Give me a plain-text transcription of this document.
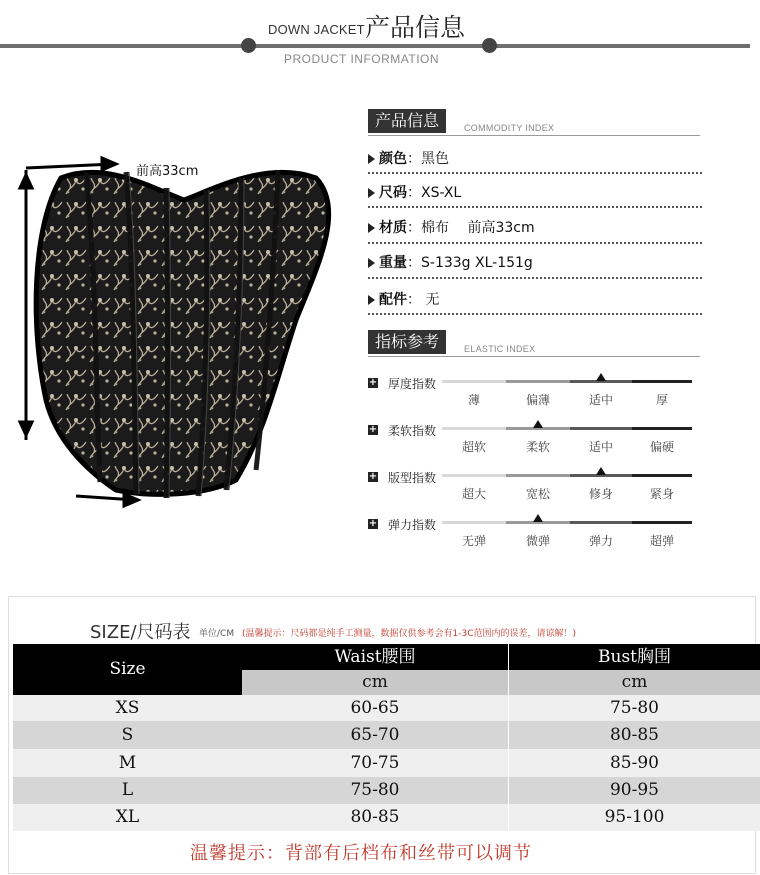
DOWN JACKET 产品信息
PRODUCT INFORMATION
前高33cm
产品信息	COMMODITY INDEX
颜色：黑色
尺码：XS-XL
材质：棉布 前高33cm
重量：S-133g XL-151g
配件： 无
指标参考	ELASTIC INDEX
+ 厚度指数
薄	偏薄	适中	厚
+ 柔软指数
超软	柔软	适中	偏硬
+ 版型指数
超大	宽松	修身	紧身
+ 弹力指数
无弹	微弹	弹力	超弹
SIZE/尺码表 单位/CM (温馨提示：尺码都是纯手工测量，数据仅供参考会有1-3C范围内的误差，请谅解！)
Size
Waist腰围	Bust胸围
cm	cm
XS	60-65	75-80
S	65-70	80-85
M	70-75	85-90
L	75-80	90-95
XL	80-85	95-100
温馨提示：背部有后档布和丝带可以调节
